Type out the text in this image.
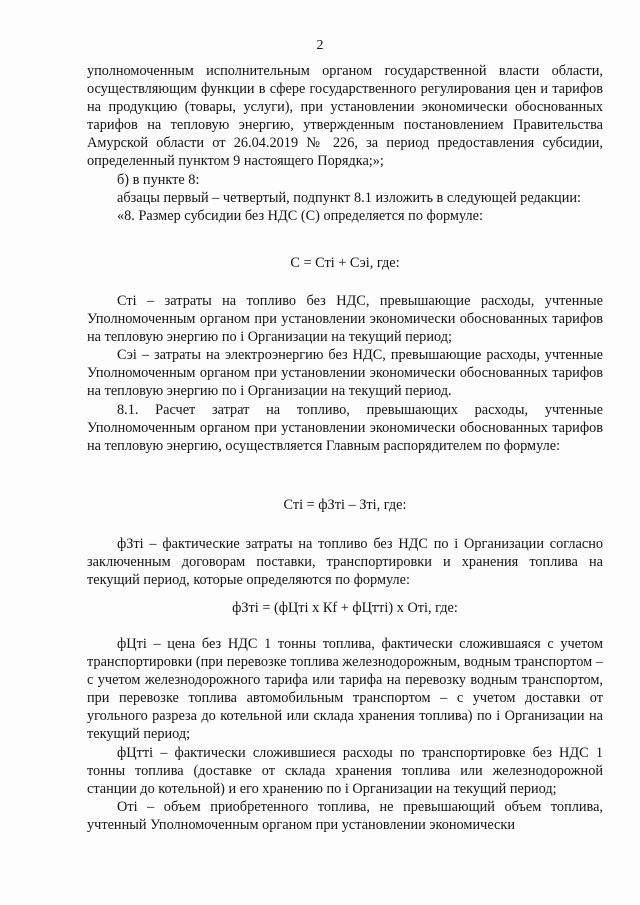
2

уполномоченным исполнительным органом государственной власти области, осуществляющим функции в сфере государственного регулирования цен и тарифов на продукцию (товары, услуги), при установлении экономически обоснованных тарифов на тепловую энергию, утвержденным постановлением Правительства Амурской области от 26.04.2019 № 226, за период предоставления субсидии, определенный пунктом 9 настоящего Порядка;»;

б) в пункте 8:

абзацы первый – четвертый, подпункт 8.1 изложить в следующей редакции:

«8. Размер субсидии без НДС (С) определяется по формуле:

С = Сті + Сэі, где:

Сті – затраты на топливо без НДС, превышающие расходы, учтенные Уполномоченным органом при установлении экономически обоснованных тарифов на тепловую энергию по i Организации на текущий период;

Сэі – затраты на электроэнергию без НДС, превышающие расходы, учтенные Уполномоченным органом при установлении экономически обоснованных тарифов на тепловую энергию по i Организации на текущий период.

8.1. Расчет затрат на топливо, превышающих расходы, учтенные Уполномоченным органом при установлении экономически обоснованных тарифов на тепловую энергию, осуществляется Главным распорядителем по формуле:

Сті = фЗті – Зті, где:

фЗті – фактические затраты на топливо без НДС по i Организации согласно заключенным договорам поставки, транспортировки и хранения топлива на текущий период, которые определяются по формуле:

фЗті = (фЦті х Кf + фЦтті) х Оті, где:

фЦті – цена без НДС 1 тонны топлива, фактически сложившаяся с учетом транспортировки (при перевозке топлива железнодорожным, водным транспортом – с учетом железнодорожного тарифа или тарифа на перевозку водным транспортом, при перевозке топлива автомобильным транспортом – с учетом доставки от угольного разреза до котельной или склада хранения топлива) по i Организации на текущий период;

фЦтті – фактически сложившиеся расходы по транспортировке без НДС 1 тонны топлива (доставке от склада хранения топлива или железнодорожной станции до котельной) и его хранению по i Организации на текущий период;

Оті – объем приобретенного топлива, не превышающий объем топлива, учтенный Уполномоченным органом при установлении экономически
